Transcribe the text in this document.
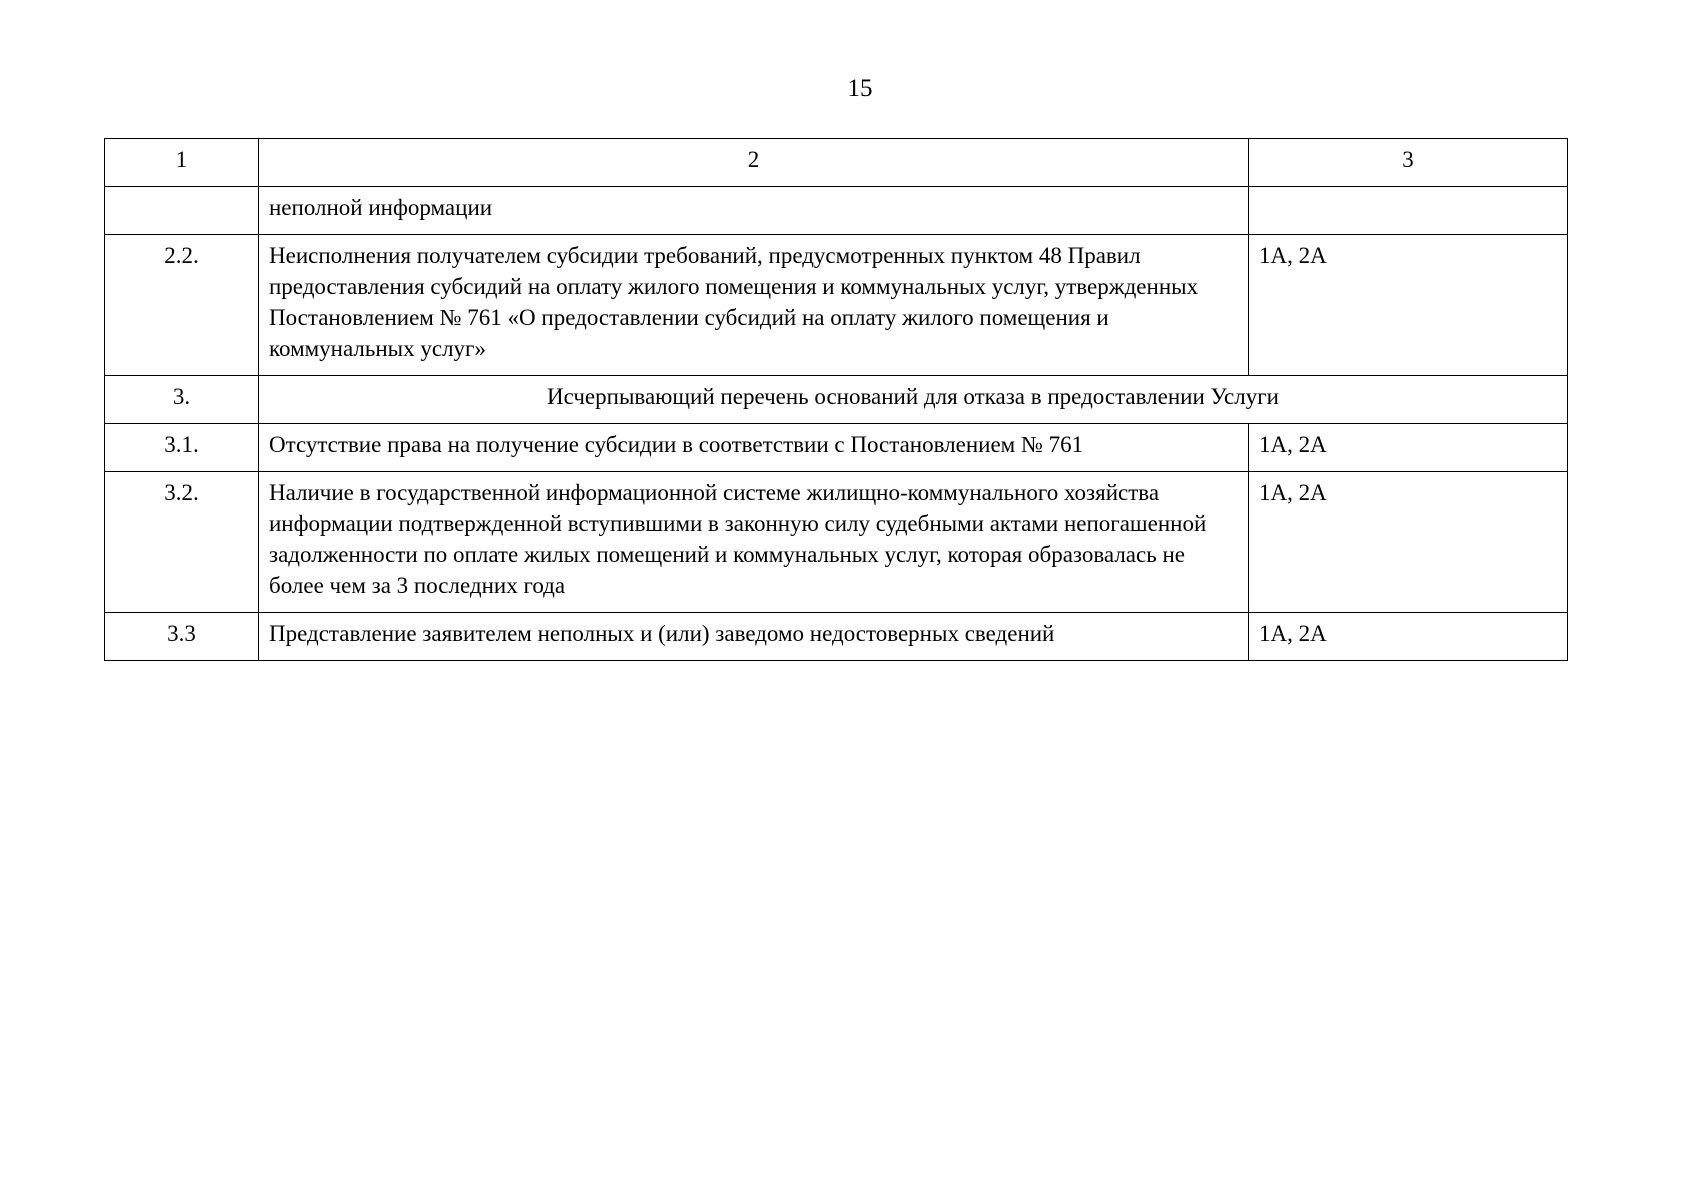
15
1	2	3
	неполной информации	
2.2.	Неисполнения получателем субсидии требований, предусмотренных пунктом 48 Правил предоставления субсидий на оплату жилого помещения и коммунальных услуг, утвержденных Постановлением № 761 «О предоставлении субсидий на оплату жилого помещения и коммунальных услуг»	1А, 2А
3.	Исчерпывающий перечень оснований для отказа в предоставлении Услуги	
3.1.	Отсутствие права на получение субсидии в соответствии с Постановлением № 761	1А, 2А
3.2.	Наличие в государственной информационной системе жилищно-коммунального хозяйства информации подтвержденной вступившими в законную силу судебными актами непогашенной задолженности по оплате жилых помещений и коммунальных услуг, которая образовалась не более чем за 3 последних года	1А, 2А
3.3	Представление заявителем неполных и (или) заведомо недостоверных сведений	1А, 2А
